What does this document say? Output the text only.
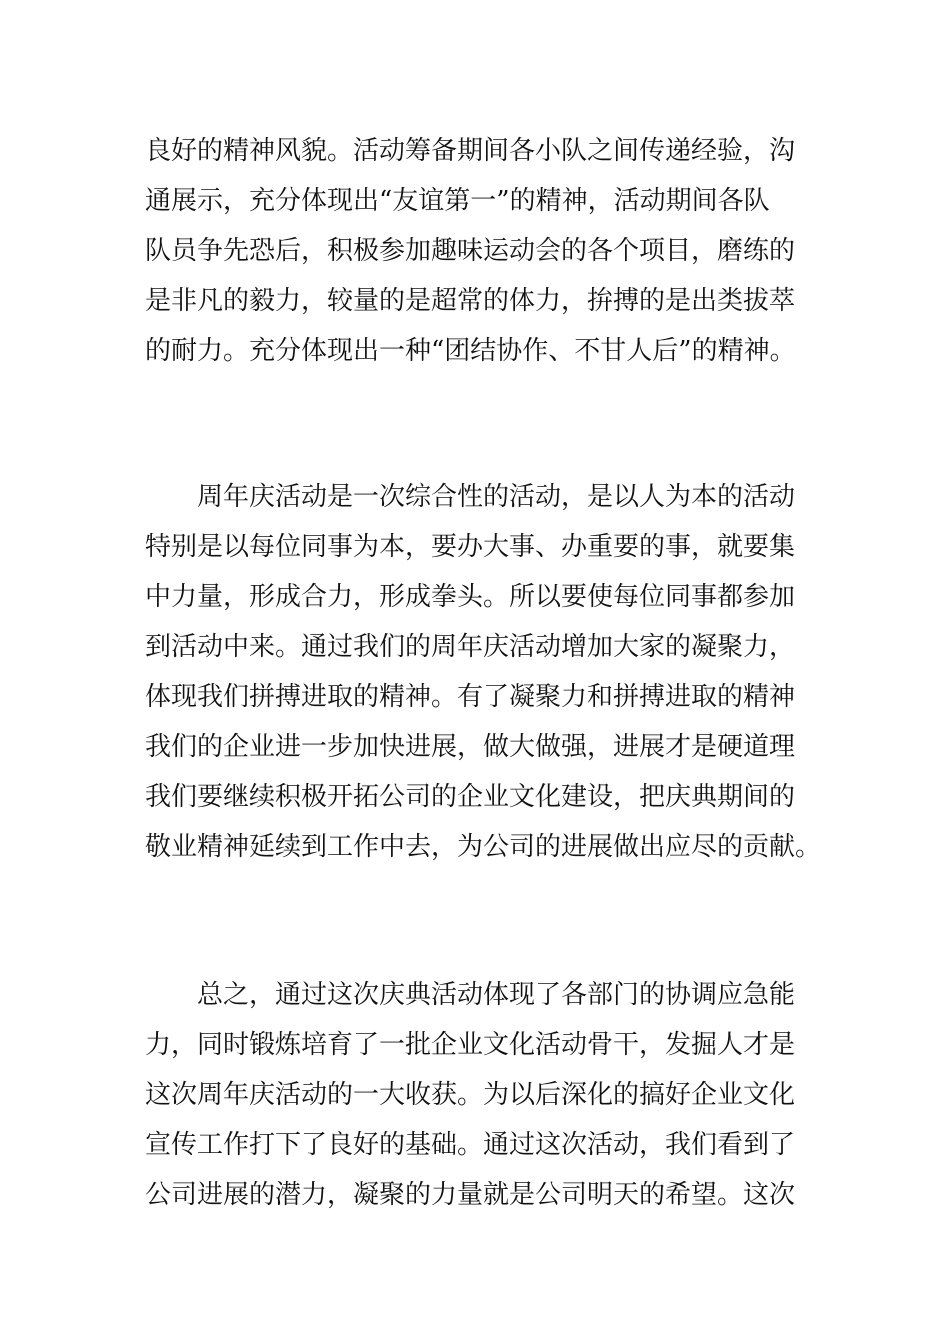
良好的精神风貌。活动筹备期间各小队之间传递经验，沟
通展示，充分体现出“友谊第一”的精神，活动期间各队
队员争先恐后，积极参加趣味运动会的各个项目，磨练的
是非凡的毅力，较量的是超常的体力，拚搏的是出类拔萃
的耐力。充分体现出一种“团结协作、不甘人后”的精神。
　　周年庆活动是一次综合性的活动，是以人为本的活动
特别是以每位同事为本，要办大事、办重要的事，就要集
中力量，形成合力，形成拳头。所以要使每位同事都参加
到活动中来。通过我们的周年庆活动增加大家的凝聚力，
体现我们拼搏进取的精神。有了凝聚力和拼搏进取的精神
我们的企业进一步加快进展，做大做强，进展才是硬道理
我们要继续积极开拓公司的企业文化建设，把庆典期间的
敬业精神延续到工作中去，为公司的进展做出应尽的贡献。
　　总之，通过这次庆典活动体现了各部门的协调应急能
力，同时锻炼培育了一批企业文化活动骨干，发掘人才是
这次周年庆活动的一大收获。为以后深化的搞好企业文化
宣传工作打下了良好的基础。通过这次活动，我们看到了
公司进展的潜力，凝聚的力量就是公司明天的希望。这次
